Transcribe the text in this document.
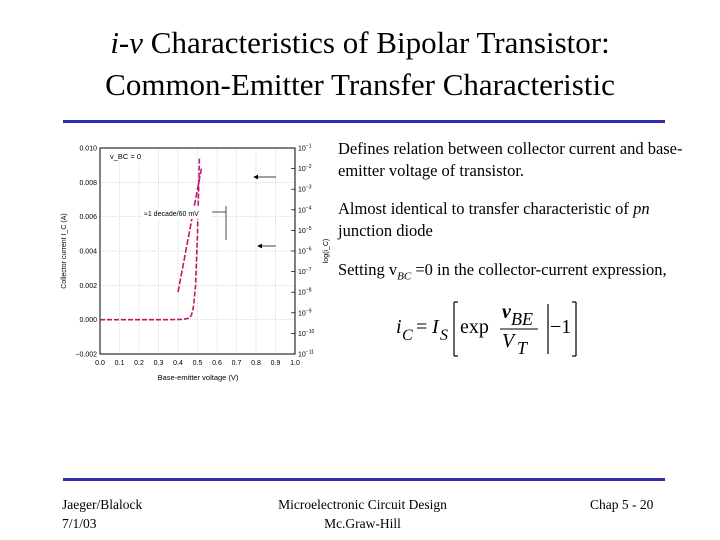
i-v Characteristics of Bipolar Transistor:
Common-Emitter Transfer Characteristic
0.0 0.1 0.2 0.3 0.4 0.5 0.6 0.7 0.8 0.9 1.0
0.010
0.008
0.006
0.004
0.002
0.000
−0.002
$10^{-1}$
$10^{-2}$
$10^{-3}$
$10^{-4}$
$10^{-5}$
$10^{-6}$
$10^{-7}$
$10^{-8}$
$10^{-9}$
$10^{-10}$
$10^{-11}$
Base-emitter voltage (V)
Collector current I_C (A)	log(i_C)
v_BC = 0
≈1 decade/60 mV
Defines relation between collector current and base-emitter voltage of transistor.
Almost identical to transfer characteristic of pn junction diode
Setting $v_{BC} =0$ in the collector-current expression,
i C = I S exp
v BE
V T
−1
Jaeger/Blalock
7/1/03
Microelectronic Circuit Design
Mc.Graw-Hill
Chap 5 - 20
